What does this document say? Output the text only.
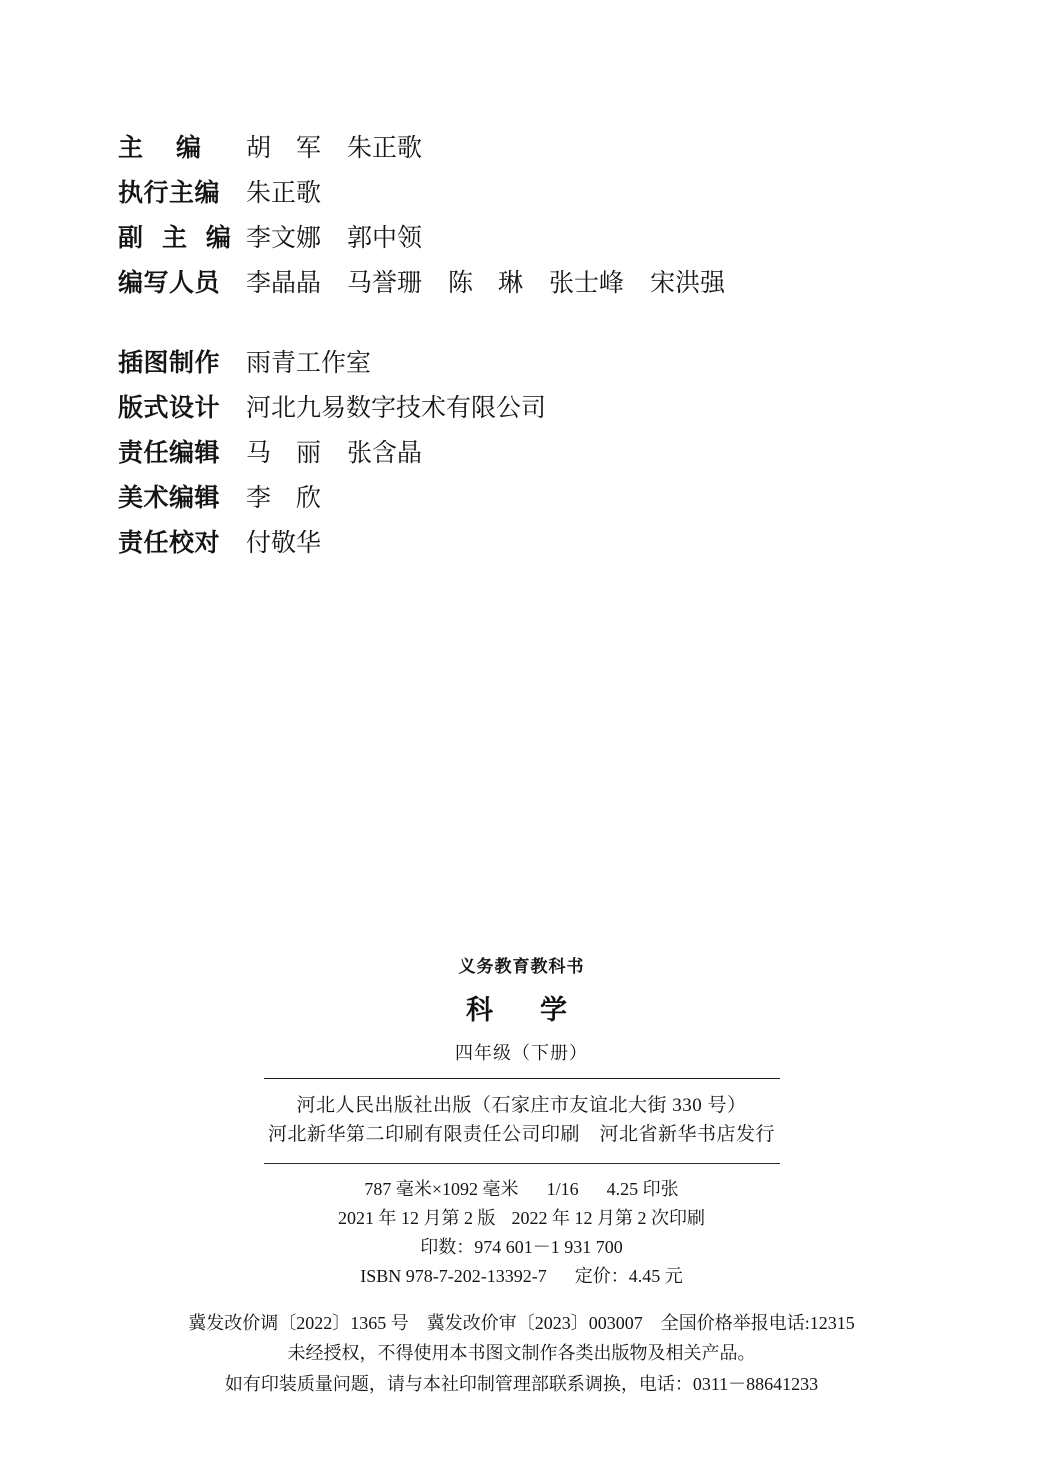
主 编	胡　军 朱正歌
执行主编	朱正歌
副 主 编 李文娜 郭中领
编写人员	李晶晶 马誉珊 陈　琳 张士峰 宋洪强
插图制作	雨青工作室
版式设计	河北九易数字技术有限公司
责任编辑	马　丽 张含晶
美术编辑	李　欣
责任校对	付敬华
义务教育教科书
科　学
四年级（下册）
河北人民出版社出版（石家庄市友谊北大街 330 号）
河北新华第二印刷有限责任公司印刷　河北省新华书店发行
787 毫米×1092 毫米 1/16 4.25 印张
2021 年 12 月第 2 版 2022 年 12 月第 2 次印刷
印数：974 601－1 931 700
ISBN 978-7-202-13392-7 定价：4.45 元
冀发改价调〔2022〕1365 号 冀发改价审〔2023〕003007 全国价格举报电话:12315
未经授权，不得使用本书图文制作各类出版物及相关产品。
如有印装质量问题，请与本社印制管理部联系调换，电话：0311－88641233
